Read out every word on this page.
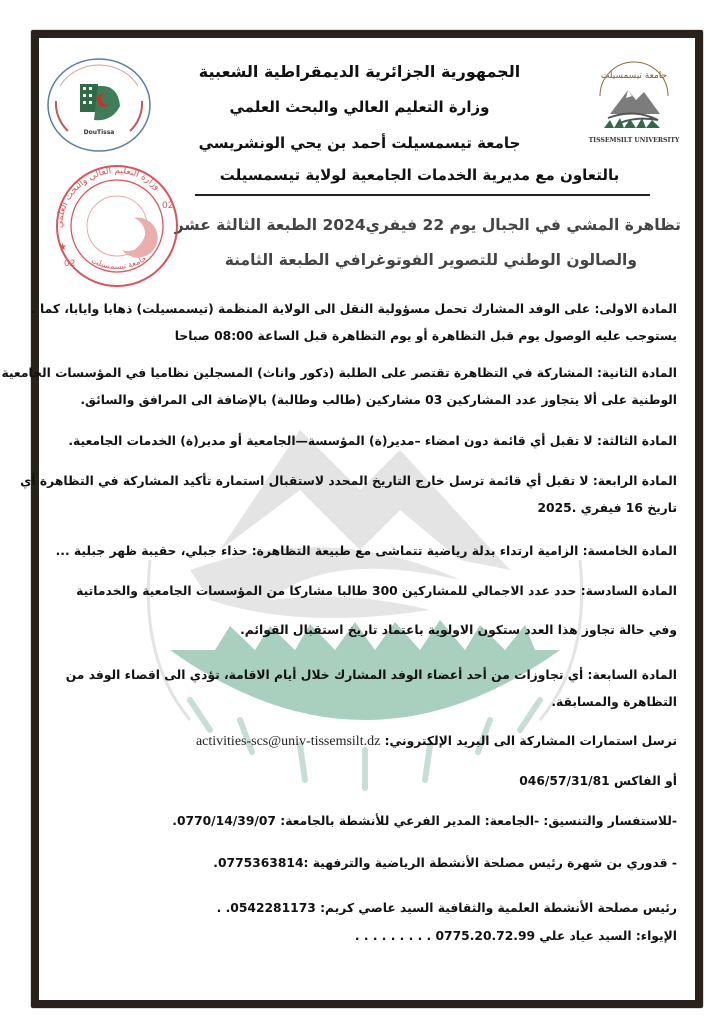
DouTissa
جامعة تيسمسيلت
TISSEMSILT UNIVERSITY
الجمهورية الجزائرية الديمقراطية الشعبية
وزارة التعليم العالي والبحث العلمي
جامعة تيسمسيلت أحمد بن يحي الونشريسي
بالتعاون مع مديرية الخدمات الجامعية لولاية تيسمسيلت
تظاهرة المشي في الجبال يوم 22 فيفري2024 الطبعة الثالثة عشر
والصالون الوطني للتصوير الفوتوغرافي الطبعة الثامنة
وزارة التعليم العالي والبحث العلمي
جامعة تيسمسيلت
02
02
★
المادة الاولى: على الوفد المشارك تحمل مسؤولية النقل الى الولاية المنظمة (تيسمسيلت) ذهابا وايابا، كما .
يستوجب عليه الوصول يوم قبل التظاهرة أو يوم التظاهرة قبل الساعة 08:00 صباحا
المادة الثانية: المشاركة في التظاهرة تقتصر على الطلبة (ذكور واناث) المسجلين نظاميا في المؤسسات الجامعية
الوطنية على ألا يتجاوز عدد المشاركين 03 مشاركين (طالب وطالبة) بالإضافة الى المرافق والسائق.
المادة الثالثة: لا تقبل أي قائمة دون امضاء –مدير(ة) المؤسسة—الجامعية أو مدير(ة) الخدمات الجامعية.
المادة الرابعة: لا تقبل أي قائمة ترسل خارج التاريخ المحدد لاستقبال استمارة تأكيد المشاركة في التظاهرة أي
تاريخ 16 فيفري .2025
المادة الخامسة: الزامية ارتداء بدلة رياضية تتماشى مع طبيعة التظاهرة: حذاء جبلي، حقيبة ظهر جبلية ...
المادة السادسة: حدد عدد الاجمالي للمشاركين 300 طالبا مشاركا من المؤسسات الجامعية والخدماتية
وفي حالة تجاوز هذا العدد ستكون الاولوية باعتماد تاريخ استقبال القوائم.
المادة السابعة: أي تجاوزات من أحد أعضاء الوفد المشارك خلال أيام الاقامة، تؤدي الى اقصاء الوفد من
التظاهرة والمسابقة.
ترسل استمارات المشاركة الى البريد الإلكتروني: activities-scs@univ-tissemsilt.dz
أو الفاكس 046/57/31/81
-للاستفسار والتنسيق: -الجامعة: المدير الفرعي للأنشطة بالجامعة: 0770/14/39/07.
- قدوري بن شهرة رئيس مصلحة الأنشطة الرياضية والترفهية :0775363814.
رئيس مصلحة الأنشطة العلمية والثقافية السيد عاصي كريم: 0542281173. .
الإيواء: السيد عياد علي 0775.20.72.99 . . . . . . . . .
